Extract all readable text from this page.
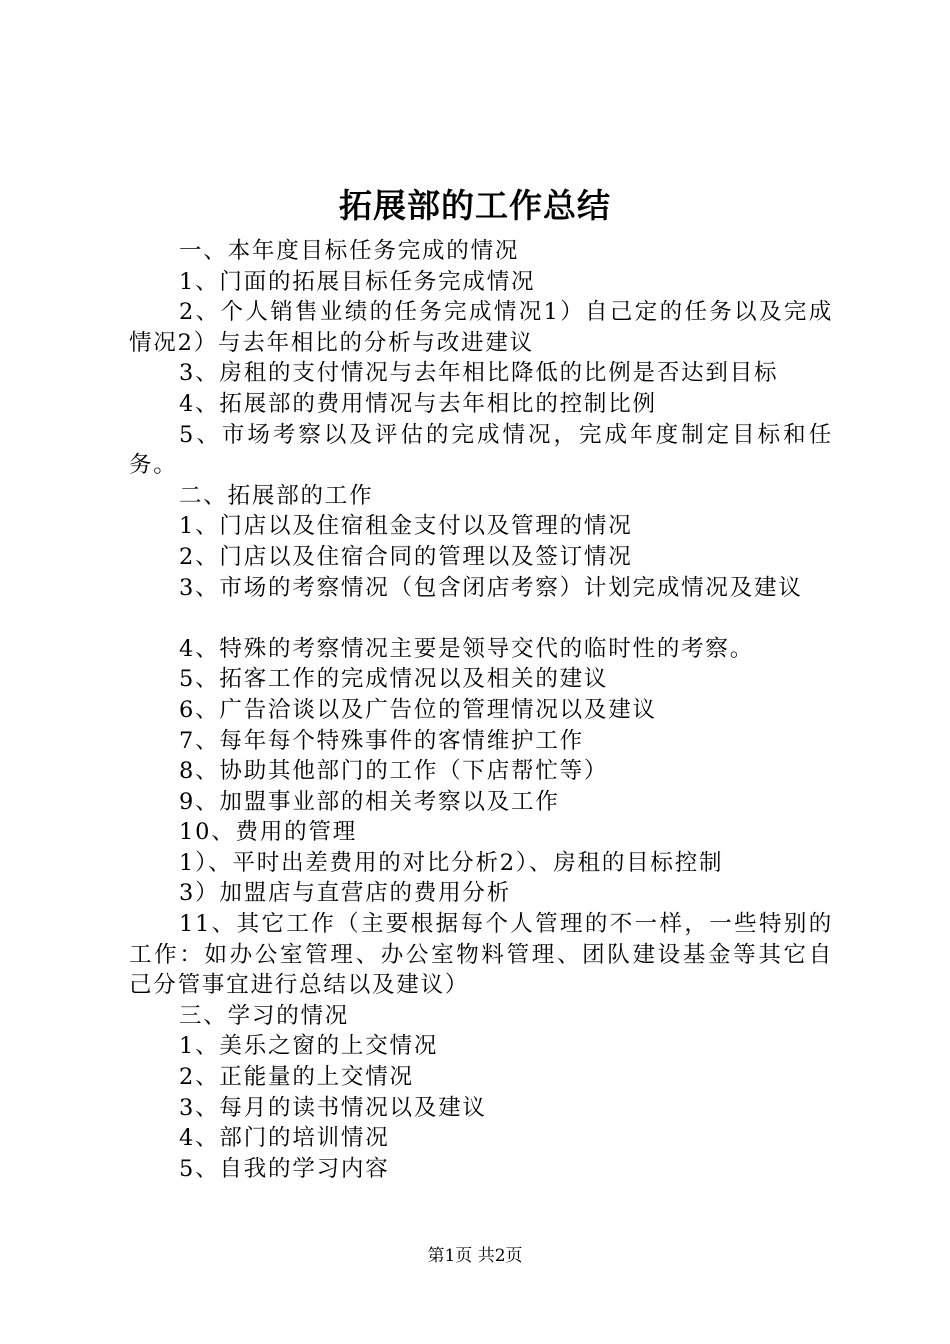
拓展部的工作总结

一、本年度目标任务完成的情况

1、门面的拓展目标任务完成情况

2、个人销售业绩的任务完成情况1）自己定的任务以及完成情况2）与去年相比的分析与改进建议

3、房租的支付情况与去年相比降低的比例是否达到目标

4、拓展部的费用情况与去年相比的控制比例

5、市场考察以及评估的完成情况，完成年度制定目标和任务。

二、拓展部的工作

1、门店以及住宿租金支付以及管理的情况

2、门店以及住宿合同的管理以及签订情况

3、市场的考察情况（包含闭店考察）计划完成情况及建议

4、特殊的考察情况主要是领导交代的临时性的考察。

5、拓客工作的完成情况以及相关的建议

6、广告洽谈以及广告位的管理情况以及建议

7、每年每个特殊事件的客情维护工作

8、协助其他部门的工作（下店帮忙等）

9、加盟事业部的相关考察以及工作

10、费用的管理

1）、平时出差费用的对比分析2）、房租的目标控制

3）加盟店与直营店的费用分析

11、其它工作（主要根据每个人管理的不一样，一些特别的工作：如办公室管理、办公室物料管理、团队建设基金等其它自己分管事宜进行总结以及建议）

三、学习的情况

1、美乐之窗的上交情况

2、正能量的上交情况

3、每月的读书情况以及建议

4、部门的培训情况

5、自我的学习内容

第1页 共2页
